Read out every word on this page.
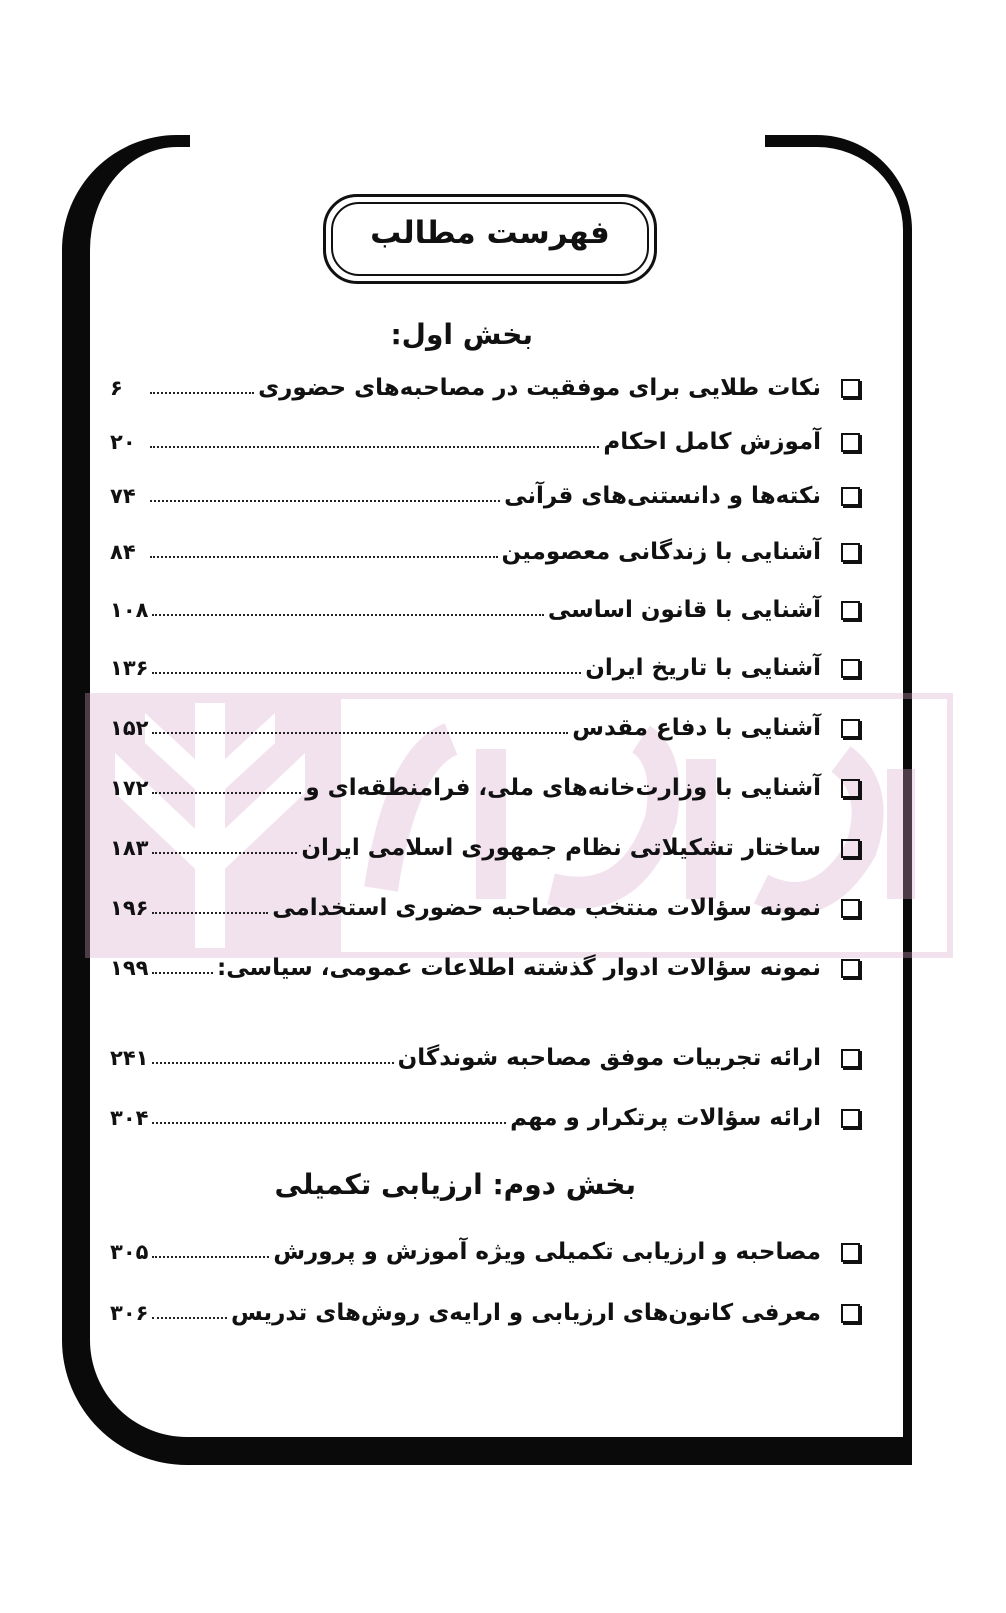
فهرست مطالب
بخش اول:
نکات طلایی برای موفقیت در مصاحبه‌های حضوری
۶
آموزش کامل احکام
۲۰
نکته‌ها و دانستنی‌های قرآنی
۷۴
آشنایی با زندگانی معصومین
۸۴
آشنایی با قانون اساسی
۱۰۸
آشنایی با تاریخ ایران
۱۳۶
آشنایی با دفاع مقدس
۱۵۲
آشنایی با وزارت‌خانه‌های ملی، فرامنطقه‌ای و
۱۷۲
ساختار تشکیلاتی نظام جمهوری اسلامی ایران
۱۸۳
نمونه سؤالات منتخب مصاحبه حضوری استخدامی
۱۹۶
نمونه سؤالات ادوار گذشته اطلاعات عمومی، سیاسی:
۱۹۹
ارائه تجربیات موفق مصاحبه شوندگان
۲۴۱
ارائه سؤالات پرتکرار و مهم
۳۰۴
بخش دوم: ارزیابی تکمیلی
مصاحبه و ارزیابی تکمیلی ویژه آموزش و پرورش
۳۰۵
معرفی کانون‌های ارزیابی و ارایه‌ی روش‌های تدریس
۳۰۶
